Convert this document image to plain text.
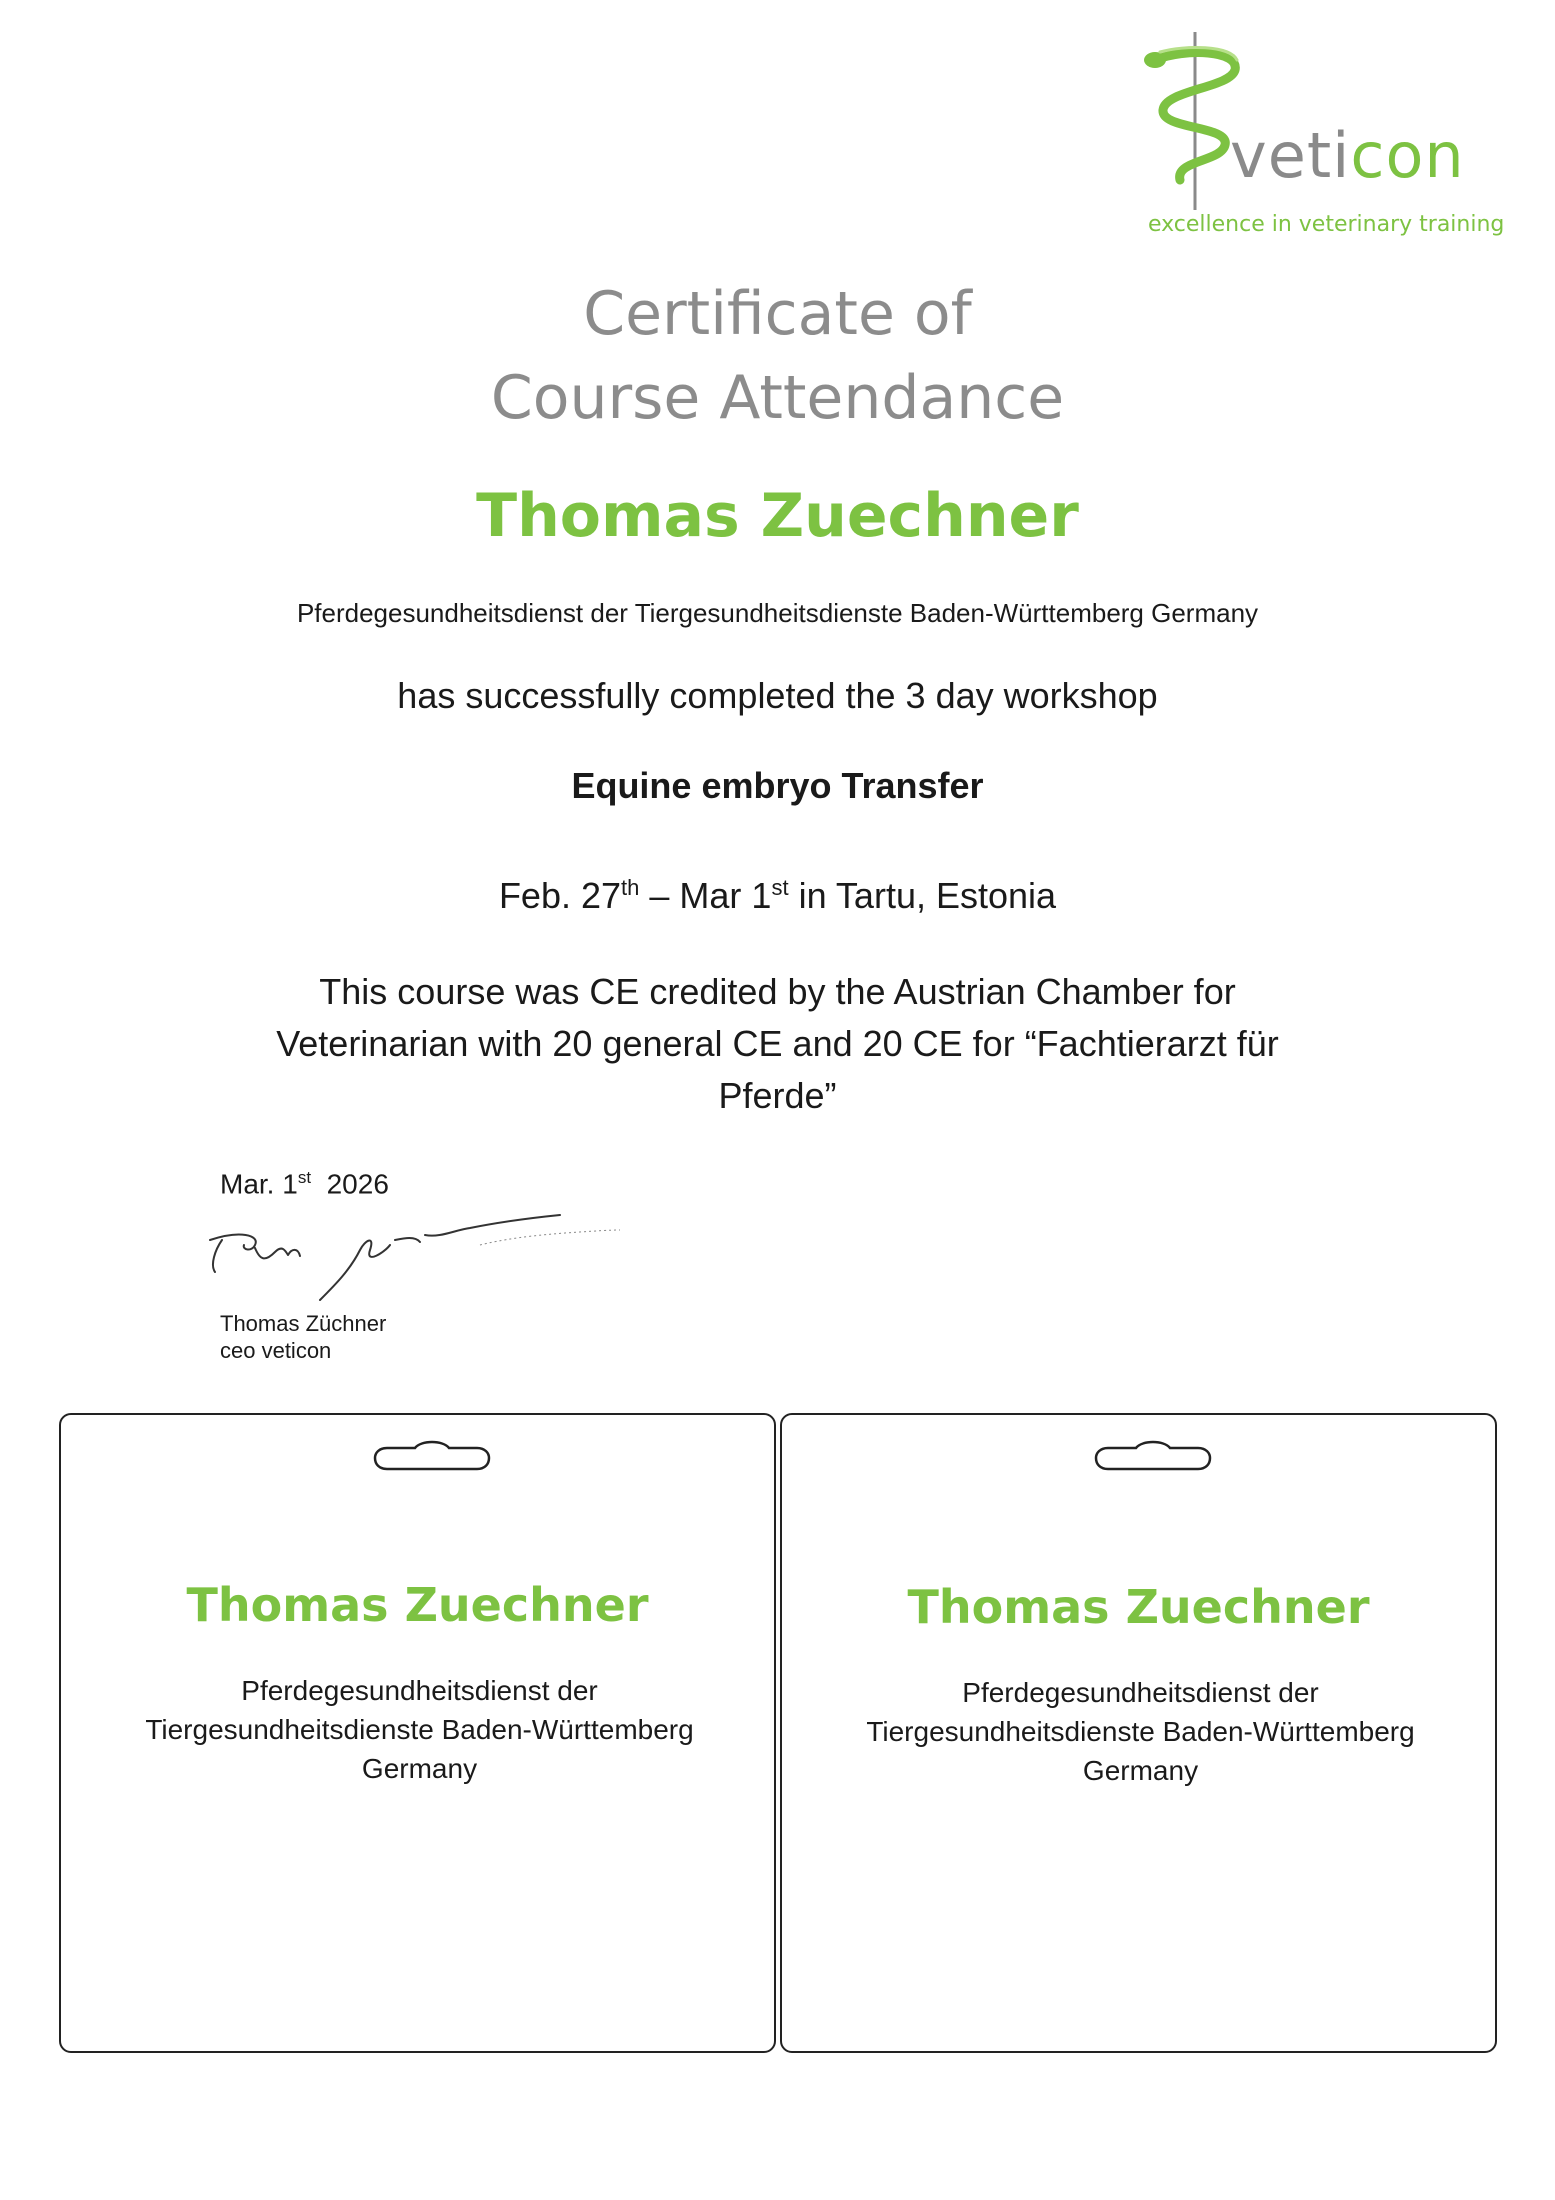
veticon
excellence in veterinary training
Certificate of
Course Attendance
Thomas Zuechner
Pferdegesundheitsdienst der Tiergesundheitsdienste Baden-Württemberg Germany
has successfully completed the 3 day workshop
Equine embryo Transfer
Feb. 27th – Mar 1st in Tartu, Estonia
This course was CE credited by the Austrian Chamber for Veterinarian with 20 general CE and 20 CE for “Fachtierarzt für Pferde”
Mar. 1st  2026
Thomas Züchner
ceo veticon
Thomas Zuechner
Pferdegesundheitsdienst der
Tiergesundheitsdienste Baden-Württemberg
Germany
Thomas Zuechner
Pferdegesundheitsdienst der
Tiergesundheitsdienste Baden-Württemberg
Germany
